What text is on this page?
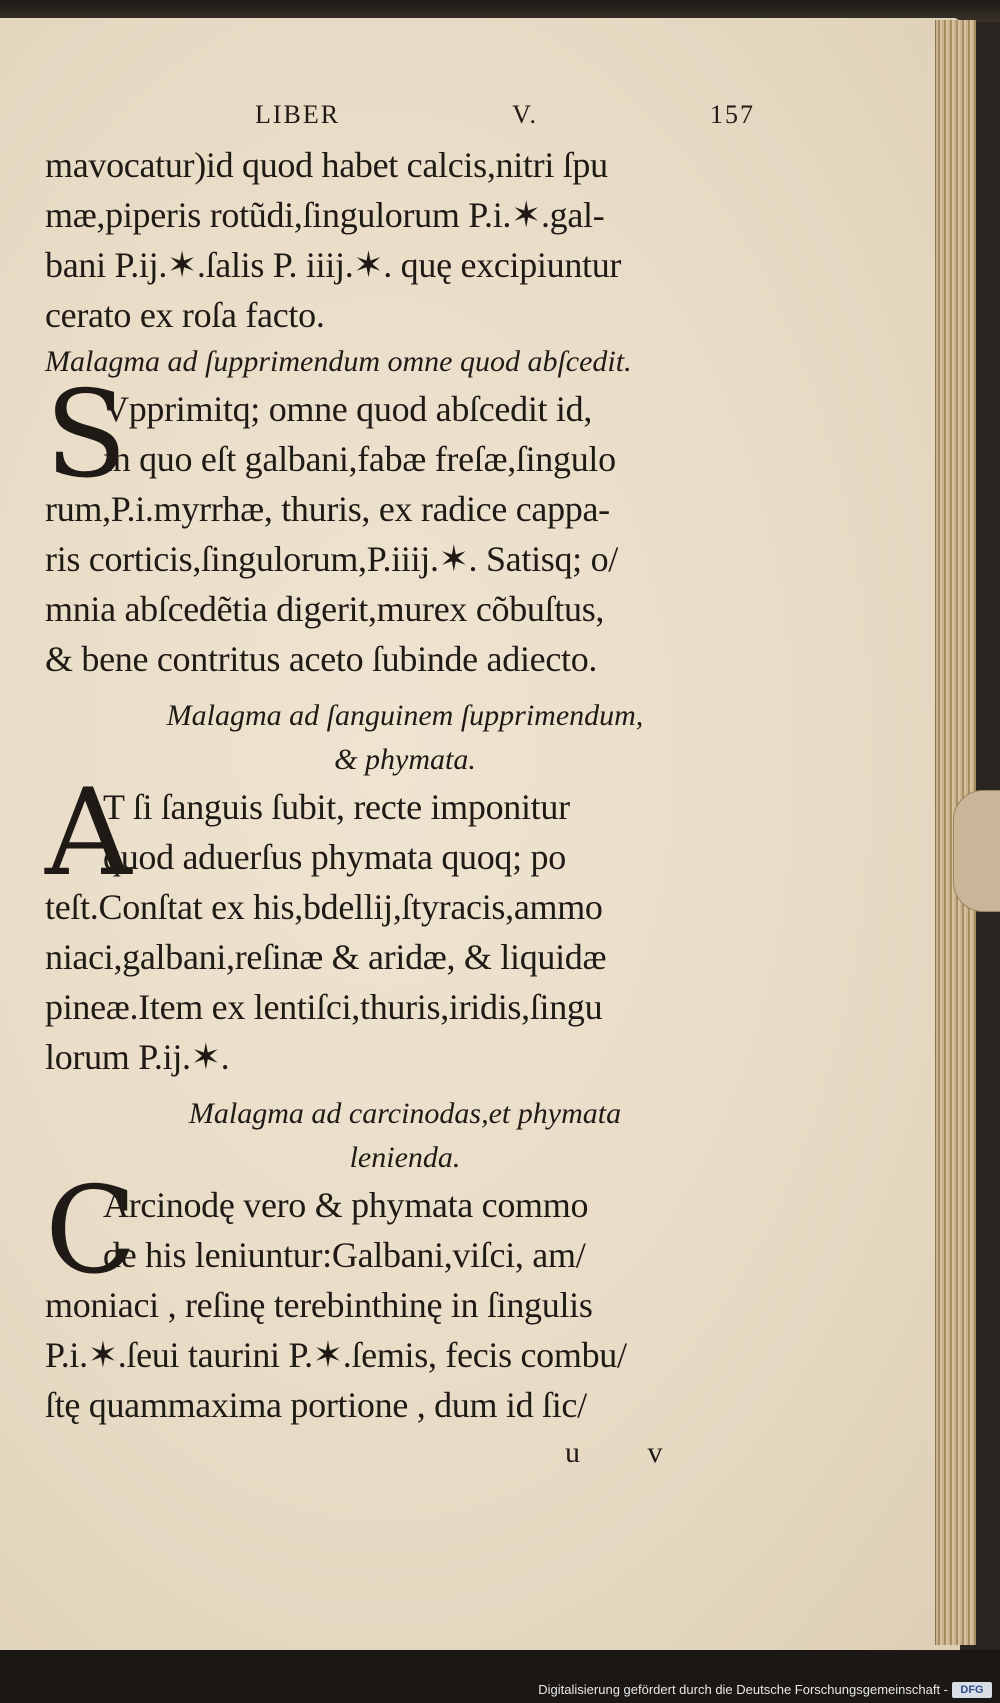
LIBER	V.	157
mavocatur)id quod habet calcis,nitri ſpu
mæ,piperis rotũdi,ſingulorum P.i.✶.gal-
bani P.ij.✶.ſalis P. iiij.✶. quę excipiuntur
cerato ex roſa facto.
Malagma ad ſupprimendum omne quod abſcedit.
S
Vpprimitq; omne quod abſcedit id,
in quo eſt galbani,fabæ freſæ,ſingulo
rum,P.i.myrrhæ, thuris, ex radice cappa-
ris corticis,ſingulorum,P.iiij.✶. Satisq; o/
mnia abſcedẽtia digerit,murex cõbuſtus,
& bene contritus aceto ſubinde adiecto.
Malagma ad ſanguinem ſupprimendum,
& phymata.
A
T ſi ſanguis ſubit, recte imponitur
quod aduerſus phymata quoq; po
teſt.Conſtat ex his,bdellij,ſtyracis,ammo
niaci,galbani,reſinæ & aridæ, & liquidæ
pineæ.Item ex lentiſci,thuris,iridis,ſingu
lorum P.ij.✶.
Malagma ad carcinodas,et phymata
lenienda.
C
Arcinodę vero & phymata commo
de his leniuntur:Galbani,viſci, am/
moniaci , reſinę terebinthinę in ſingulis
P.i.✶.ſeui taurini P.✶.ſemis, fecis combu/
ſtę quammaxima portione , dum id ſic/
u v
Digitalisierung gefördert durch die Deutsche Forschungsgemeinschaft -	DFG
